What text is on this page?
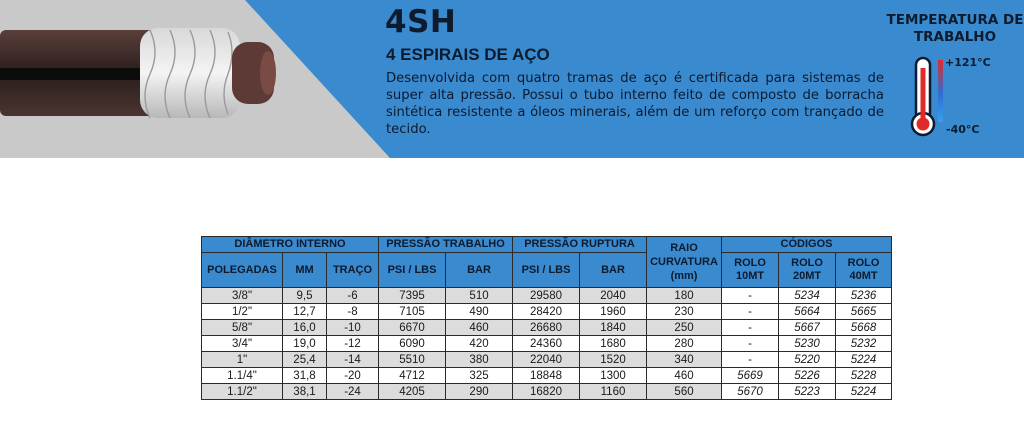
4SH
4 ESPIRAIS DE AÇO

Desenvolvida com quatro tramas de aço é certificada para sistemas de super alta pressão. Possui o tubo interno feito de composto de borracha sintética resistente a óleos minerais, além de um reforço com trançado de tecido.

TEMPERATURA DE TRABALHO

+121°C
-40°C
DIÂMETRO INTERNO			PRESSÃO TRABALHO		PRESSÃO RUPTURA		RAIO CURVATURA (mm)	CÓDIGOS		
POLEGADAS	MM	TRAÇO	PSI / LBS	BAR	PSI / LBS	BAR		ROLO 10MT	ROLO 20MT	ROLO 40MT
3/8"	9,5	-6	7395	510	29580	2040	180	-	5234	5236
1/2"	12,7	-8	7105	490	28420	1960	230	-	5664	5665
5/8"	16,0	-10	6670	460	26680	1840	250	-	5667	5668
3/4"	19,0	-12	6090	420	24360	1680	280	-	5230	5232
1"	25,4	-14	5510	380	22040	1520	340	-	5220	5224
1.1/4"	31,8	-20	4712	325	18848	1300	460	5669	5226	5228
1.1/2"	38,1	-24	4205	290	16820	1160	560	5670	5223	5224
